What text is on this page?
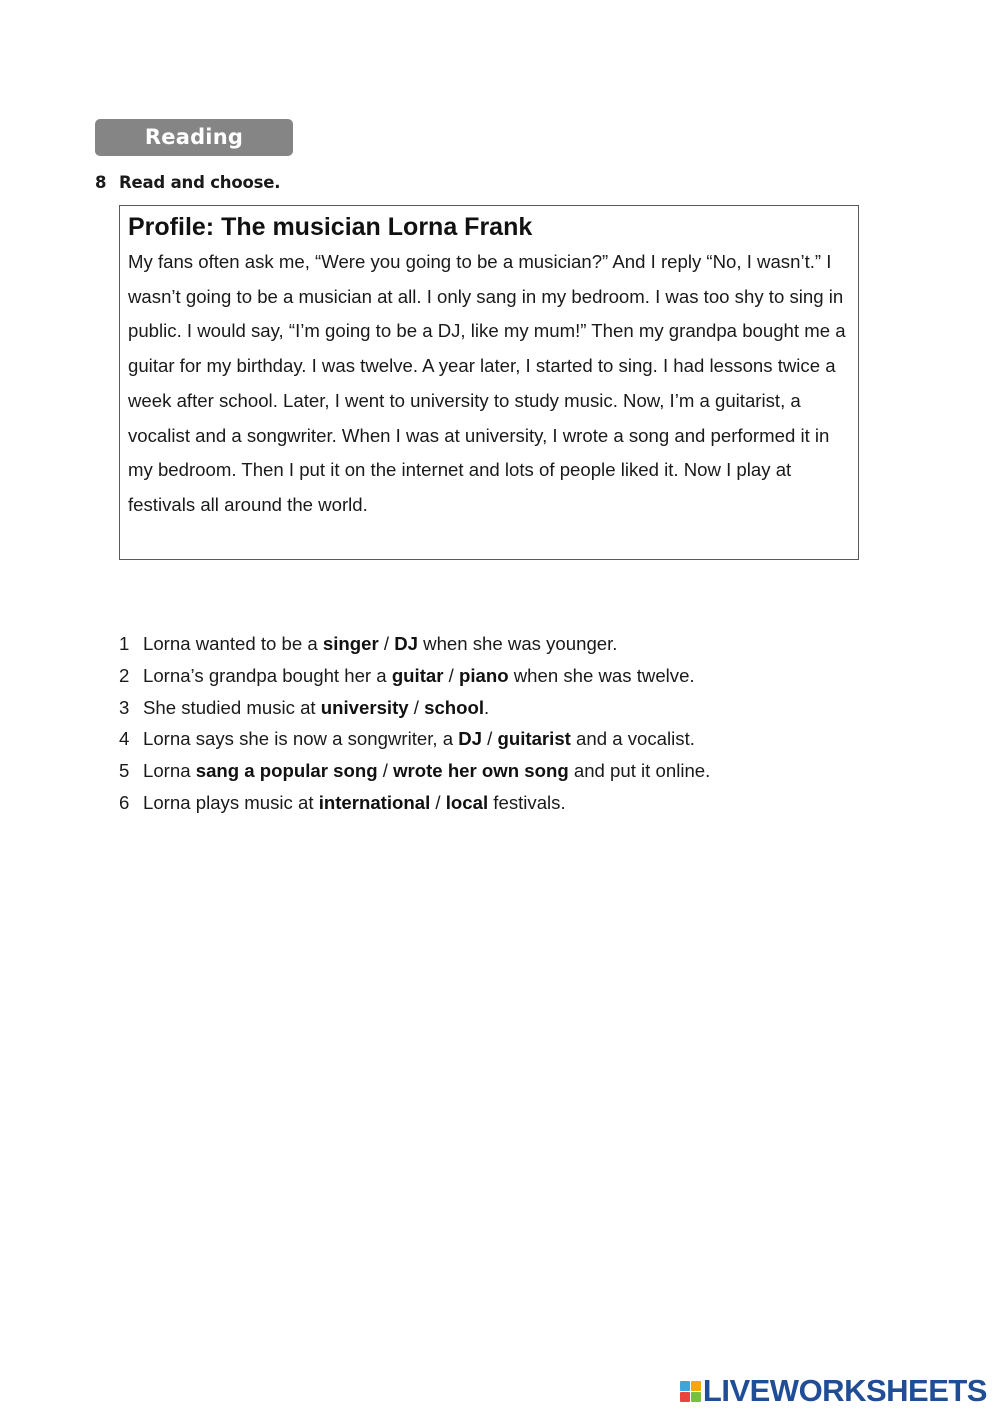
Reading
8 Read and choose.

Profile: The musician Lorna Frank

My fans often ask me, “Were you going to be a musician?” And I reply “No, I wasn’t.” I wasn’t going to be a musician at all. I only sang in my bedroom. I was too shy to sing in public. I would say, “I’m going to be a DJ, like my mum!” Then my grandpa bought me a guitar for my birthday. I was twelve. A year later, I started to sing. I had lessons twice a week after school. Later, I went to university to study music. Now, I’m a guitarist, a vocalist and a songwriter. When I was at university, I wrote a song and performed it in my bedroom. Then I put it on the internet and lots of people liked it. Now I play at festivals all around the world.

1 Lorna wanted to be a singer / DJ when she was younger.
2 Lorna’s grandpa bought her a guitar / piano when she was twelve.
3 She studied music at university / school.
4 Lorna says she is now a songwriter, a DJ / guitarist and a vocalist.
5 Lorna sang a popular song / wrote her own song and put it online.
6 Lorna plays music at international / local festivals.
LIVEWORKSHEETS
